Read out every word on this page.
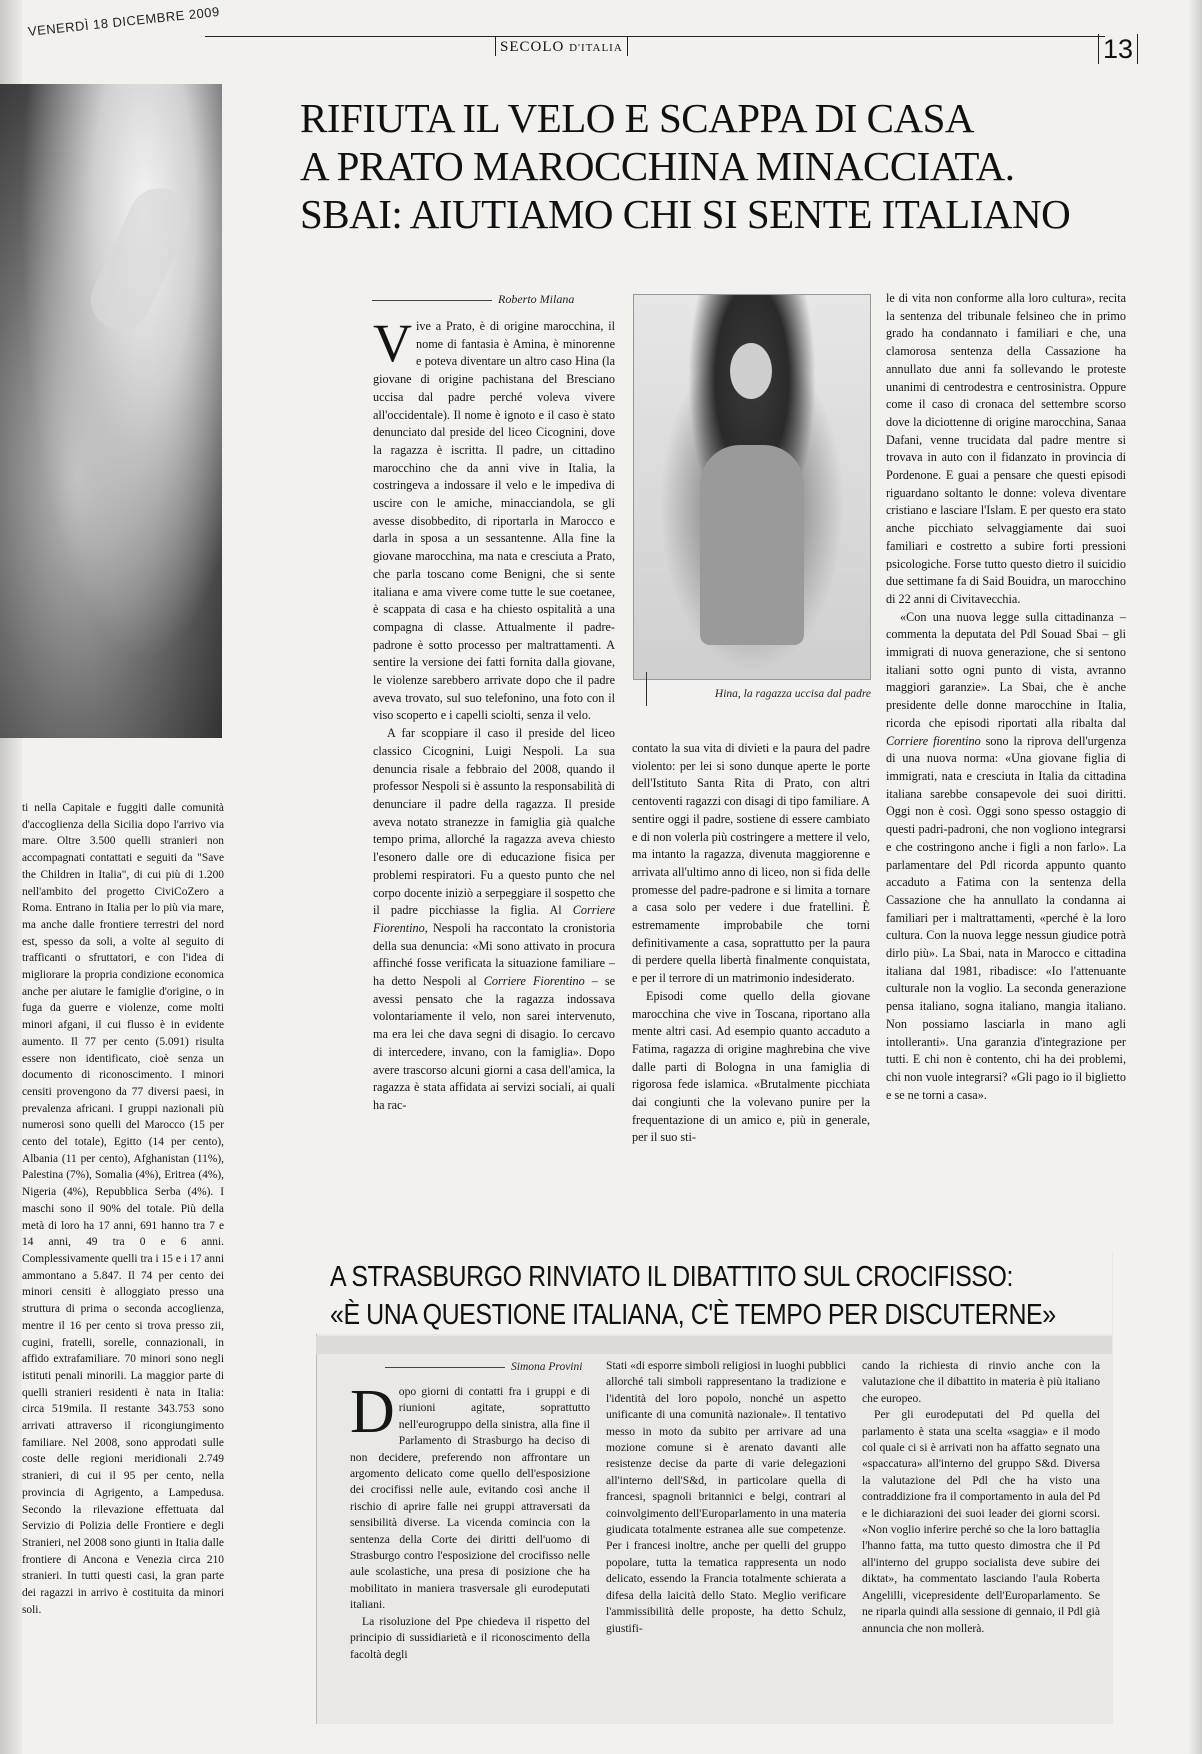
VENERDÌ 18 DICEMBRE 2009
SECOLO D'ITALIA	13
RIFIUTA IL VELO E SCAPPA DI CASA
A PRATO MAROCCHINA MINACCIATA.
SBAI: AIUTIAMO CHI SI SENTE ITALIANO
Roberto Milana

Vive a Prato, è di origine marocchina, il nome di fantasia è Amina, è minorenne e poteva diventare un altro caso Hina (la giovane di origine pachistana del Bresciano uccisa dal padre perché voleva vivere all'occidentale). Il nome è ignoto e il caso è stato denunciato dal preside del liceo Cicognini, dove la ragazza è iscritta. Il padre, un cittadino marocchino che da anni vive in Italia, la costringeva a indossare il velo e le impediva di uscire con le amiche, minacciandola, se gli avesse disobbedito, di riportarla in Marocco e darla in sposa a un sessantenne. Alla fine la giovane marocchina, ma nata e cresciuta a Prato, che parla toscano come Benigni, che si sente italiana e ama vivere come tutte le sue coetanee, è scappata di casa e ha chiesto ospitalità a una compagna di classe. Attualmente il padre-padrone è sotto processo per maltrattamenti. A sentire la versione dei fatti fornita dalla giovane, le violenze sarebbero arrivate dopo che il padre aveva trovato, sul suo telefonino, una foto con il viso scoperto e i capelli sciolti, senza il velo.

A far scoppiare il caso il preside del liceo classico Cicognini, Luigi Nespoli. La sua denuncia risale a febbraio del 2008, quando il professor Nespoli si è assunto la responsabilità di denunciare il padre della ragazza. Il preside aveva notato stranezze in famiglia già qualche tempo prima, allorché la ragazza aveva chiesto l'esonero dalle ore di educazione fisica per problemi respiratori. Fu a questo punto che nel corpo docente iniziò a serpeggiare il sospetto che il padre picchiasse la figlia. Al Corriere Fiorentino, Nespoli ha raccontato la cronistoria della sua denuncia: «Mi sono attivato in procura affinché fosse verificata la situazione familiare – ha detto Nespoli al Corriere Fiorentino – se avessi pensato che la ragazza indossava volontariamente il velo, non sarei intervenuto, ma era lei che dava segni di disagio. Io cercavo di intercedere, invano, con la famiglia». Dopo avere trascorso alcuni giorni a casa dell'amica, la ragazza è stata affidata ai servizi sociali, ai quali ha rac-

Hina, la ragazza uccisa dal padre

contato la sua vita di divieti e la paura del padre violento: per lei si sono dunque aperte le porte dell'Istituto Santa Rita di Prato, con altri centoventi ragazzi con disagi di tipo familiare. A sentire oggi il padre, sostiene di essere cambiato e di non volerla più costringere a mettere il velo, ma intanto la ragazza, divenuta maggiorenne e arrivata all'ultimo anno di liceo, non si fida delle promesse del padre-padrone e si limita a tornare a casa solo per vedere i due fratellini. È estremamente improbabile che torni definitivamente a casa, soprattutto per la paura di perdere quella libertà finalmente conquistata, e per il terrore di un matrimonio indesiderato.

Episodi come quello della giovane marocchina che vive in Toscana, riportano alla mente altri casi. Ad esempio quanto accaduto a Fatima, ragazza di origine maghrebina che vive dalle parti di Bologna in una famiglia di rigorosa fede islamica. «Brutalmente picchiata dai congiunti che la volevano punire per la frequentazione di un amico e, più in generale, per il suo sti-

le di vita non conforme alla loro cultura», recita la sentenza del tribunale felsineo che in primo grado ha condannato i familiari e che, una clamorosa sentenza della Cassazione ha annullato due anni fa sollevando le proteste unanimi di centrodestra e centrosinistra. Oppure come il caso di cronaca del settembre scorso dove la diciottenne di origine marocchina, Sanaa Dafani, venne trucidata dal padre mentre si trovava in auto con il fidanzato in provincia di Pordenone. E guai a pensare che questi episodi riguardano soltanto le donne: voleva diventare cristiano e lasciare l'Islam. E per questo era stato anche picchiato selvaggiamente dai suoi familiari e costretto a subire forti pressioni psicologiche. Forse tutto questo dietro il suicidio due settimane fa di Said Bouidra, un marocchino di 22 anni di Civitavecchia.

«Con una nuova legge sulla cittadinanza – commenta la deputata del Pdl Souad Sbai – gli immigrati di nuova generazione, che si sentono italiani sotto ogni punto di vista, avranno maggiori garanzie». La Sbai, che è anche presidente delle donne marocchine in Italia, ricorda che episodi riportati alla ribalta dal Corriere fiorentino sono la riprova dell'urgenza di una nuova norma: «Una giovane figlia di immigrati, nata e cresciuta in Italia da cittadina italiana sarebbe consapevole dei suoi diritti. Oggi non è così. Oggi sono spesso ostaggio di questi padri-padroni, che non vogliono integrarsi e che costringono anche i figli a non farlo». La parlamentare del Pdl ricorda appunto quanto accaduto a Fatima con la sentenza della Cassazione che ha annullato la condanna ai familiari per i maltrattamenti, «perché è la loro cultura. Con la nuova legge nessun giudice potrà dirlo più». La Sbai, nata in Marocco e cittadina italiana dal 1981, ribadisce: «Io l'attenuante culturale non la voglio. La seconda generazione pensa italiano, sogna italiano, mangia italiano. Non possiamo lasciarla in mano agli intolleranti». Una garanzia d'integrazione per tutti. E chi non è contento, chi ha dei problemi, chi non vuole integrarsi? «Gli pago io il biglietto e se ne torni a casa».

ti nella Capitale e fuggiti dalle comunità d'accoglienza della Sicilia dopo l'arrivo via mare. Oltre 3.500 quelli stranieri non accompagnati contattati e seguiti da "Save the Children in Italia", di cui più di 1.200 nell'ambito del progetto CiviCoZero a Roma. Entrano in Italia per lo più via mare, ma anche dalle frontiere terrestri del nord est, spesso da soli, a volte al seguito di trafficanti o sfruttatori, e con l'idea di migliorare la propria condizione economica anche per aiutare le famiglie d'origine, o in fuga da guerre e violenze, come molti minori afgani, il cui flusso è in evidente aumento. Il 77 per cento (5.091) risulta essere non identificato, cioè senza un documento di riconoscimento. I minori censiti provengono da 77 diversi paesi, in prevalenza africani. I gruppi nazionali più numerosi sono quelli del Marocco (15 per cento del totale), Egitto (14 per cento), Albania (11 per cento), Afghanistan (11%), Palestina (7%), Somalia (4%), Eritrea (4%), Nigeria (4%), Repubblica Serba (4%). I maschi sono il 90% del totale. Più della metà di loro ha 17 anni, 691 hanno tra 7 e 14 anni, 49 tra 0 e 6 anni. Complessivamente quelli tra i 15 e i 17 anni ammontano a 5.847. Il 74 per cento dei minori censiti è alloggiato presso una struttura di prima o seconda accoglienza, mentre il 16 per cento si trova presso zii, cugini, fratelli, sorelle, connazionali, in affido extrafamiliare. 70 minori sono negli istituti penali minorili. La maggior parte di quelli stranieri residenti è nata in Italia: circa 519mila. Il restante 343.753 sono arrivati attraverso il ricongiungimento familiare. Nel 2008, sono approdati sulle coste delle regioni meridionali 2.749 stranieri, di cui il 95 per cento, nella provincia di Agrigento, a Lampedusa. Secondo la rilevazione effettuata dal Servizio di Polizia delle Frontiere e degli Stranieri, nel 2008 sono giunti in Italia dalle frontiere di Ancona e Venezia circa 210 stranieri. In tutti questi casi, la gran parte dei ragazzi in arrivo è costituita da minori soli.

A STRASBURGO RINVIATO IL DIBATTITO SUL CROCIFISSO:
«È UNA QUESTIONE ITALIANA, C'È TEMPO PER DISCUTERNE»
Simona Provini

Dopo giorni di contatti fra i gruppi e di riunioni agitate, soprattutto nell'eurogruppo della sinistra, alla fine il Parlamento di Strasburgo ha deciso di non decidere, preferendo non affrontare un argomento delicato come quello dell'esposizione dei crocifissi nelle aule, evitando così anche il rischio di aprire falle nei gruppi attraversati da sensibilità diverse. La vicenda comincia con la sentenza della Corte dei diritti dell'uomo di Strasburgo contro l'esposizione del crocifisso nelle aule scolastiche, una presa di posizione che ha mobilitato in maniera trasversale gli eurodeputati italiani.

La risoluzione del Ppe chiedeva il rispetto del principio di sussidiarietà e il riconoscimento della facoltà degli

Stati «di esporre simboli religiosi in luoghi pubblici allorché tali simboli rappresentano la tradizione e l'identità del loro popolo, nonché un aspetto unificante di una comunità nazionale». Il tentativo messo in moto da subito per arrivare ad una mozione comune si è arenato davanti alle resistenze decise da parte di varie delegazioni all'interno dell'S&d, in particolare quella di francesi, spagnoli britannici e belgi, contrari al coinvolgimento dell'Europarlamento in una materia giudicata totalmente estranea alle sue competenze. Per i francesi inoltre, anche per quelli del gruppo popolare, tutta la tematica rappresenta un nodo delicato, essendo la Francia totalmente schierata a difesa della laicità dello Stato. Meglio verificare l'ammissibilità delle proposte, ha detto Schulz, giustifi-

cando la richiesta di rinvio anche con la valutazione che il dibattito in materia è più italiano che europeo.

Per gli eurodeputati del Pd quella del parlamento è stata una scelta «saggia» e il modo col quale ci si è arrivati non ha affatto segnato una «spaccatura» all'interno del gruppo S&d. Diversa la valutazione del Pdl che ha visto una contraddizione fra il comportamento in aula del Pd e le dichiarazioni dei suoi leader dei giorni scorsi. «Non voglio inferire perché so che la loro battaglia l'hanno fatta, ma tutto questo dimostra che il Pd all'interno del gruppo socialista deve subire dei diktat», ha commentato lasciando l'aula Roberta Angelilli, vicepresidente dell'Europarlamento. Se ne riparla quindi alla sessione di gennaio, il Pdl già annuncia che non mollerà.
